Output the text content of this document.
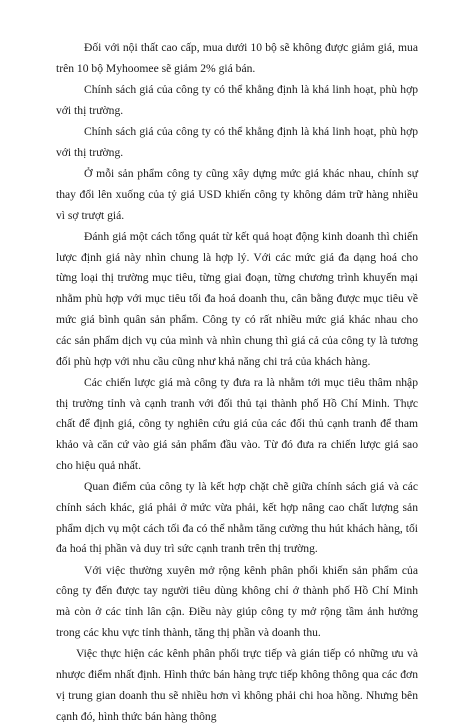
Đối với nội thất cao cấp, mua dưới 10 bộ sẽ không được giảm giá, mua trên 10 bộ Myhoomee sẽ giảm 2% giá bán.

Chính sách giá của công ty có thể khẳng định là khá linh hoạt, phù hợp với thị trường.

Chính sách giá của công ty có thể khẳng định là khá linh hoạt, phù hợp với thị trường.

Ở mỗi sản phẩm công ty cũng xây dựng mức giá khác nhau, chính sự thay đổi lên xuống của tỷ giá USD khiến công ty không dám trữ hàng nhiều vì sợ trượt giá.

Đánh giá một cách tổng quát từ kết quả hoạt động kinh doanh thì chiến lược định giá này nhìn chung là hợp lý. Với các mức giá đa dạng hoá cho từng loại thị trường mục tiêu, từng giai đoạn, từng chương trình khuyến mại nhằm phù hợp với mục tiêu tối đa hoá doanh thu, cân bằng được mục tiêu về mức giá bình quân sản phẩm. Công ty có rất nhiều mức giá khác nhau cho các sản phẩm dịch vụ của mình và nhìn chung thì giá cả của công ty là tương đối phù hợp với nhu cầu cũng như khả năng chi trả của khách hàng.

Các chiến lược giá mà công ty đưa ra là nhằm tới mục tiêu thâm nhập thị trường tỉnh và cạnh tranh với đối thủ tại thành phố Hồ Chí Minh. Thực chất để định giá, công ty nghiên cứu giá của các đối thủ cạnh tranh để tham khảo và căn cứ vào giá sản phẩm đầu vào. Từ đó đưa ra chiến lược giá sao cho hiệu quả nhất.

Quan điểm của công ty là kết hợp chặt chẽ giữa chính sách giá và các chính sách khác, giá phải ở mức vừa phải, kết hợp nâng cao chất lượng sản phẩm dịch vụ một cách tối đa có thể nhằm tăng cường thu hút khách hàng, tối đa hoá thị phần và duy trì sức cạnh tranh trên thị trường.

Với việc thường xuyên mở rộng kênh phân phối khiến sản phẩm của công ty đến được tay người tiêu dùng không chỉ ở thành phố Hồ Chí Minh mà còn ở các tỉnh lân cận. Điều này giúp công ty mở rộng tầm ảnh hưởng trong các khu vực tỉnh thành, tăng thị phần và doanh thu.

Việc thực hiện các kênh phân phối trực tiếp và gián tiếp có những ưu và nhược điểm nhất định. Hình thức bán hàng trực tiếp không thông qua các đơn vị trung gian doanh thu sẽ nhiều hơn vì không phải chi hoa hồng. Nhưng bên cạnh đó, hình thức bán hàng thông
